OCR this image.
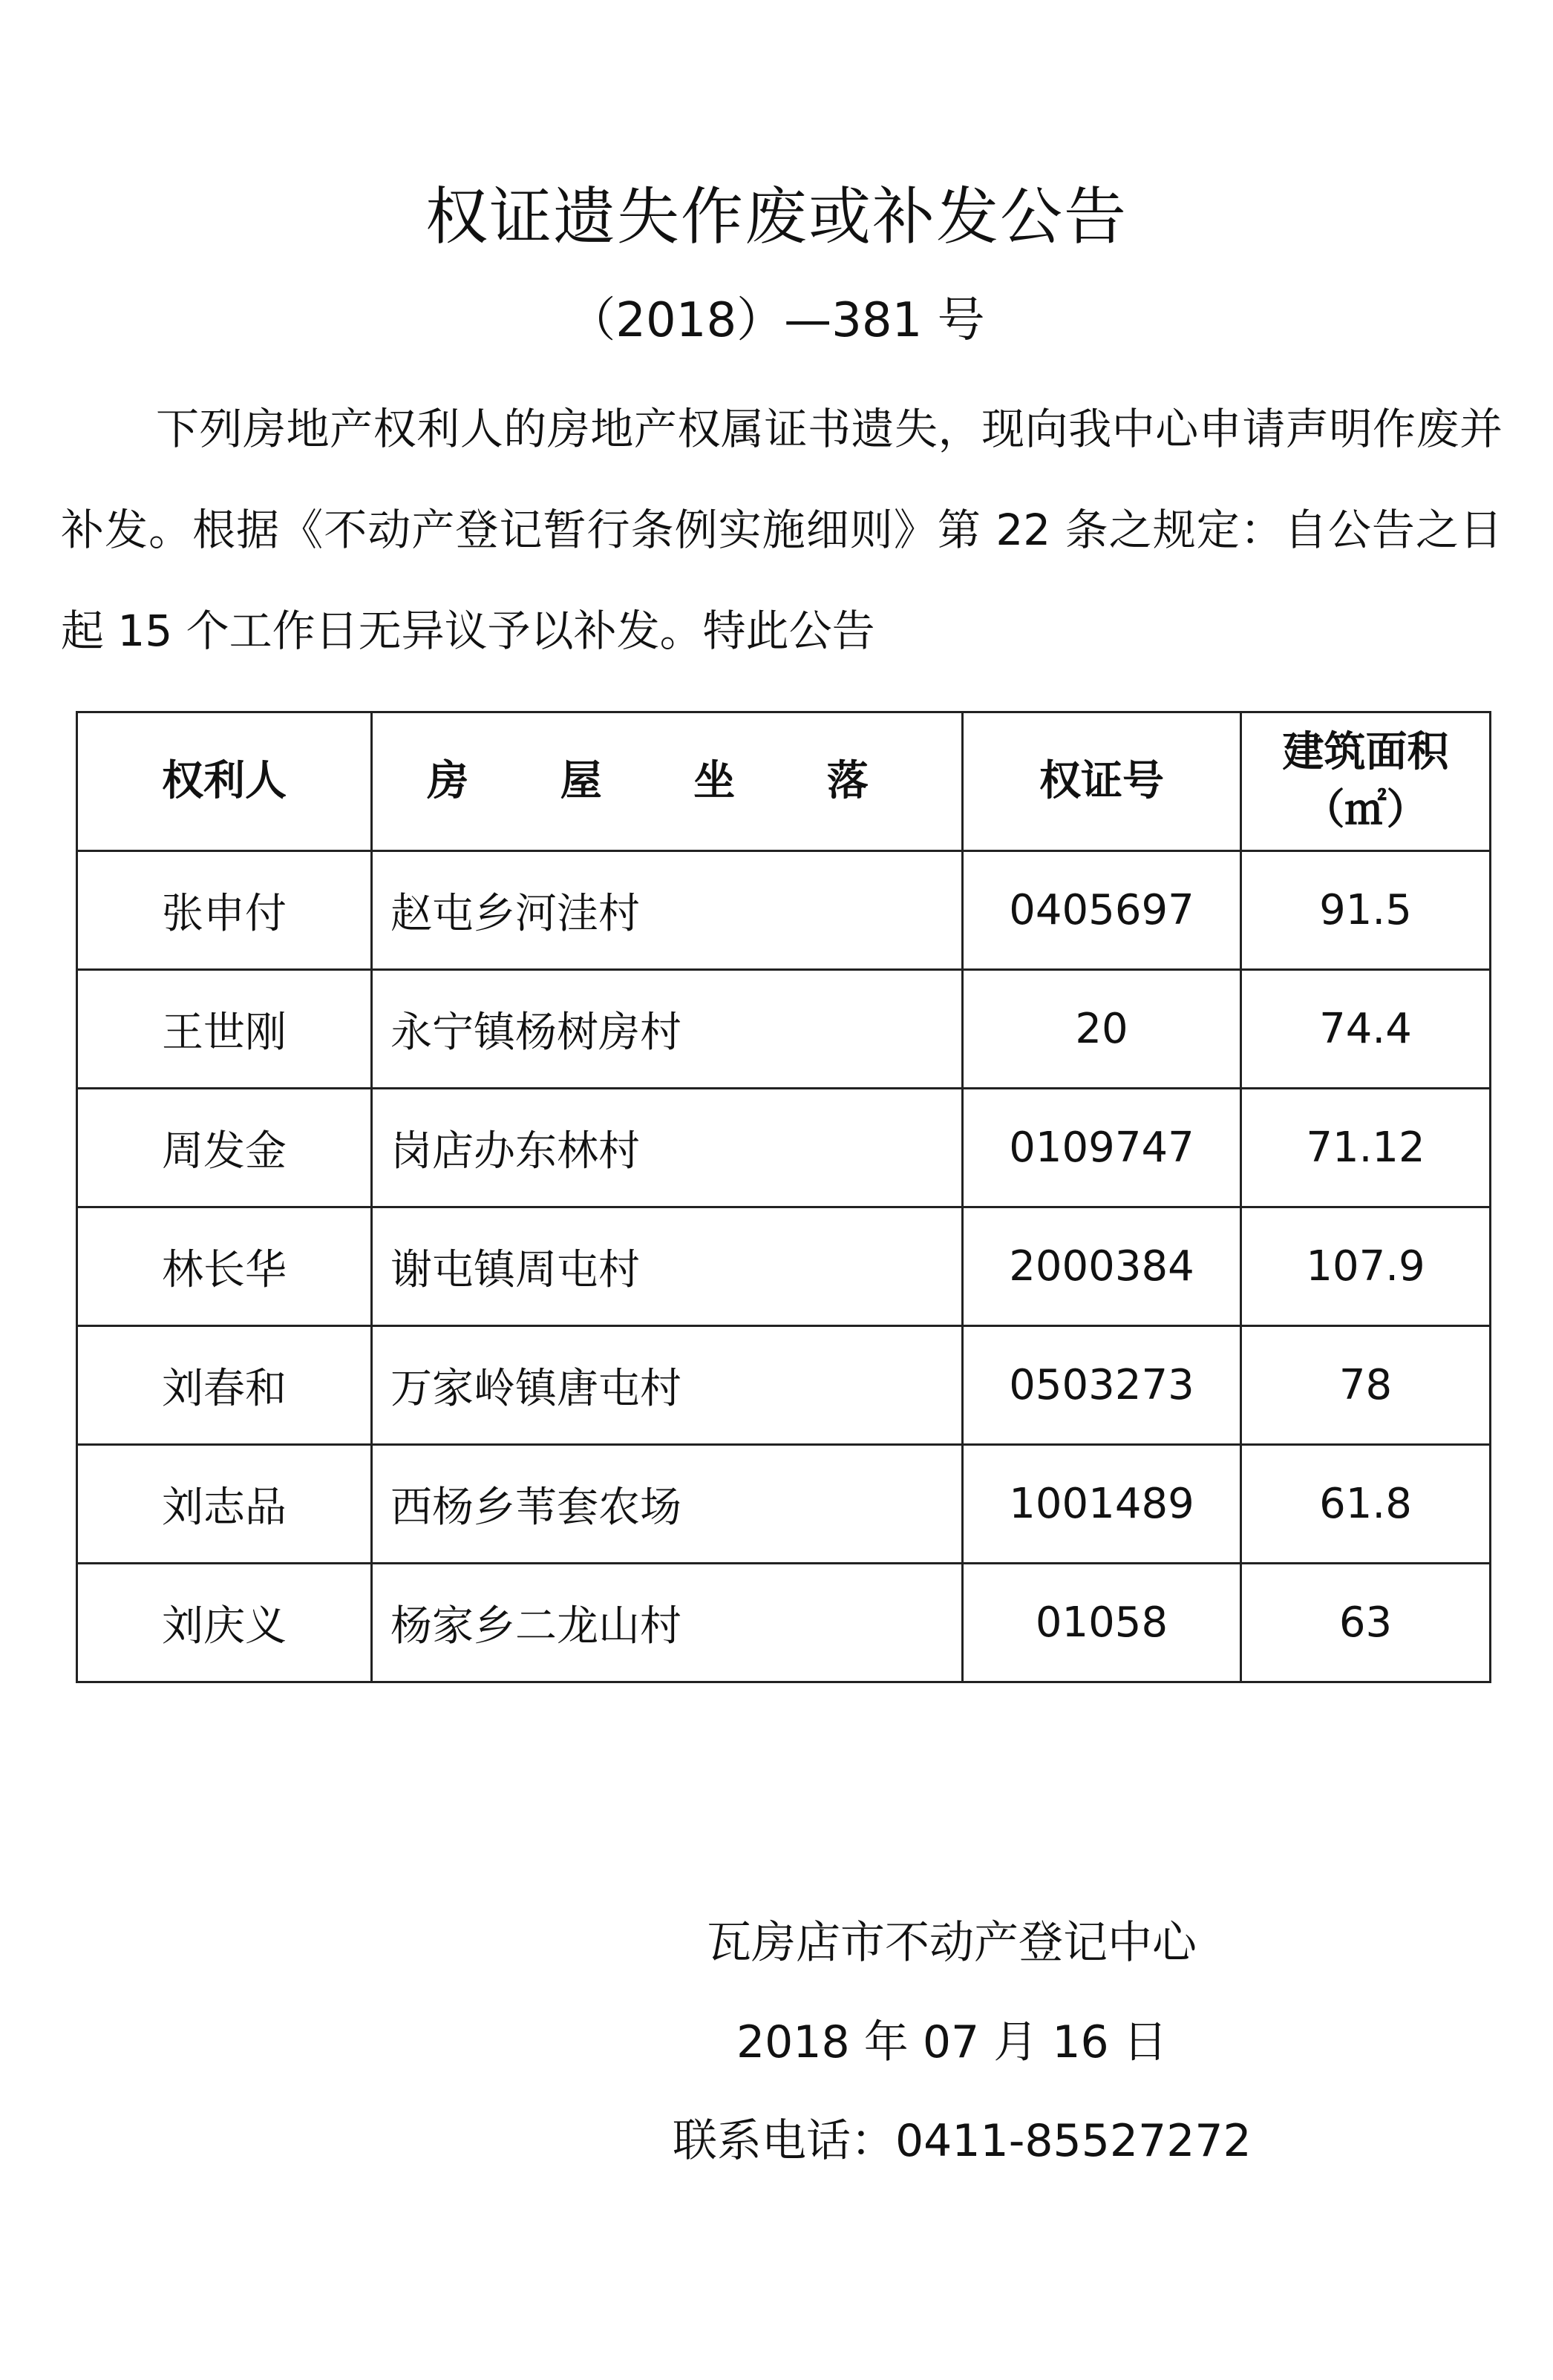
权证遗失作废或补发公告
（2018）—381 号

下列房地产权利人的房地产权属证书遗失，现向我中心申请声明作废并补发。根据《不动产登记暂行条例实施细则》第 22 条之规定：自公告之日起 15 个工作日无异议予以补发。特此公告

权利人	房 屋 坐 落	权证号	建筑面积
（㎡）

张申付	赵屯乡河洼村	0405697	91.5
王世刚	永宁镇杨树房村	20	74.4
周发金	岗店办东林村	0109747	71.12
林长华	谢屯镇周屯村	2000384	107.9
刘春和	万家岭镇唐屯村	0503273	78
刘志品	西杨乡苇套农场	1001489	61.8
刘庆义	杨家乡二龙山村	01058	63
瓦房店市不动产登记中心
2018 年 07 月 16 日
联系电话：0411-85527272
